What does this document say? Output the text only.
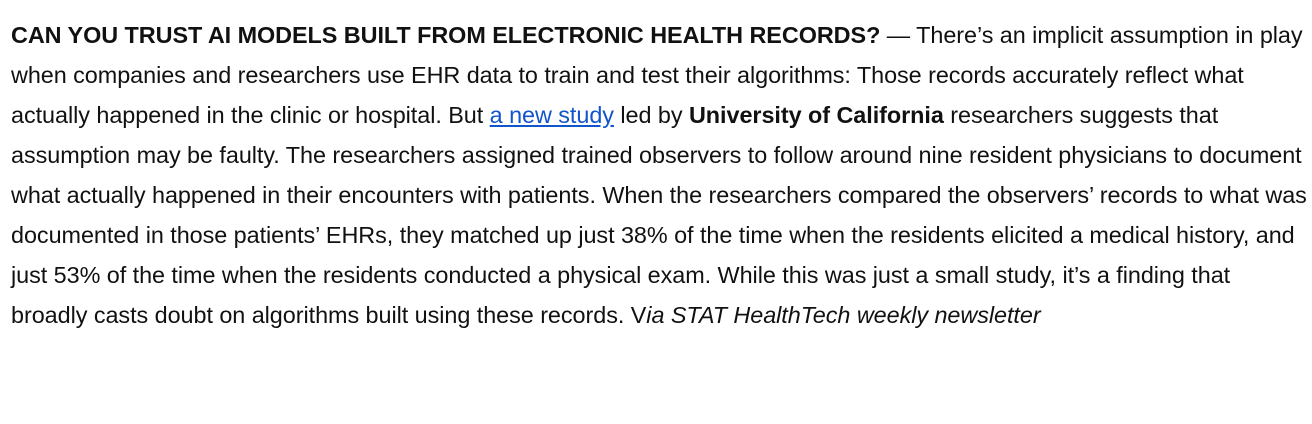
CAN YOU TRUST AI MODELS BUILT FROM ELECTRONIC HEALTH RECORDS? — There’s an implicit assumption in play when companies and researchers use EHR data to train and test their algorithms: Those records accurately reflect what actually happened in the clinic or hospital. But a new study led by University of California researchers suggests that assumption may be faulty. The researchers assigned trained observers to follow around nine resident physicians to document what actually happened in their encounters with patients. When the researchers compared the observers’ records to what was documented in those patients’ EHRs, they matched up just 38% of the time when the residents elicited a medical history, and just 53% of the time when the residents conducted a physical exam. While this was just a small study, it’s a finding that broadly casts doubt on algorithms built using these records. Via STAT HealthTech weekly newsletter
